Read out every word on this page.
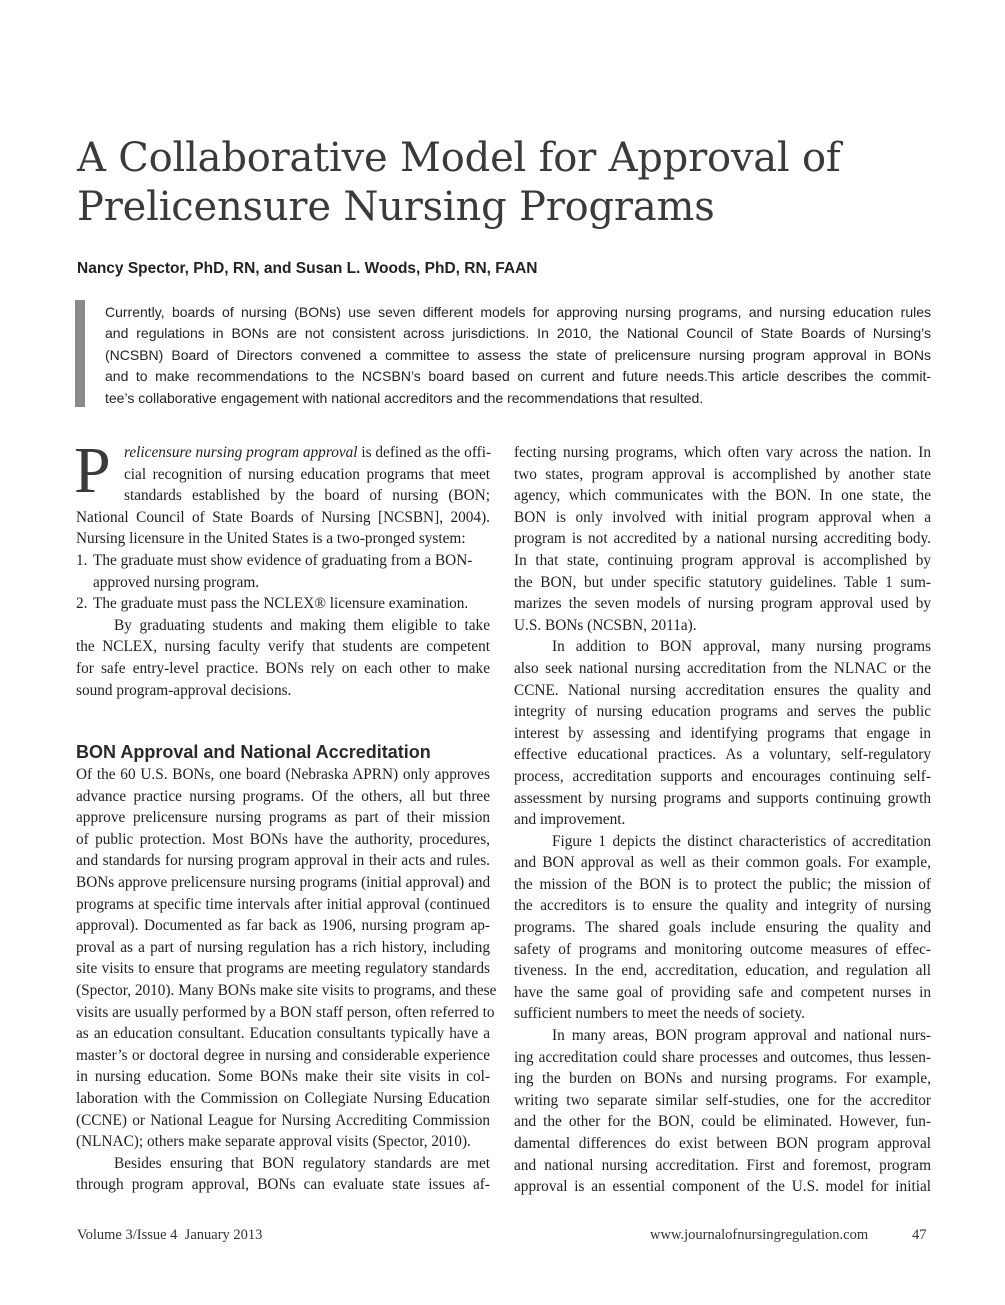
A Collaborative Model for Approval of
Prelicensure Nursing Programs
Nancy Spector, PhD, RN, and Susan L. Woods, PhD, RN, FAAN
Currently, boards of nursing (BONs) use seven different models for approving nursing programs, and nursing education rules
and regulations in BONs are not consistent across jurisdictions. In 2010, the National Council of State Boards of Nursing’s
(NCSBN) Board of Directors convened a committee to assess the state of prelicensure nursing program approval in BONs
and to make recommendations to the NCSBN’s board based on current and future needs.This article describes the commit-
tee’s collaborative engagement with national accreditors and the recommendations that resulted.
P relicensure nursing program approval is defined as the offi-
cial recognition of nursing education programs that meet
standards established by the board of nursing (BON;
National Council of State Boards of Nursing [NCSBN], 2004).
Nursing licensure in the United States is a two-pronged system:
1. The graduate must show evidence of graduating from a BON-
approved nursing program.
2. The graduate must pass the NCLEX® licensure examination.
By graduating students and making them eligible to take
the NCLEX, nursing faculty verify that students are competent
for safe entry-level practice. BONs rely on each other to make
sound program-approval decisions.
BON Approval and National Accreditation
Of the 60 U.S. BONs, one board (Nebraska APRN) only approves
advance practice nursing programs. Of the others, all but three
approve prelicensure nursing programs as part of their mission
of public protection. Most BONs have the authority, procedures,
and standards for nursing program approval in their acts and rules.
BONs approve prelicensure nursing programs (initial approval) and
programs at specific time intervals after initial approval (continued
approval). Documented as far back as 1906, nursing program ap-
proval as a part of nursing regulation has a rich history, including
site visits to ensure that programs are meeting regulatory standards
(Spector, 2010). Many BONs make site visits to programs, and these
visits are usually performed by a BON staff person, often referred to
as an education consultant. Education consultants typically have a
master’s or doctoral degree in nursing and considerable experience
in nursing education. Some BONs make their site visits in col-
laboration with the Commission on Collegiate Nursing Education
(CCNE) or National League for Nursing Accrediting Commission
(NLNAC); others make separate approval visits (Spector, 2010).
Besides ensuring that BON regulatory standards are met
through program approval, BONs can evaluate state issues af-
fecting nursing programs, which often vary across the nation. In
two states, program approval is accomplished by another state
agency, which communicates with the BON. In one state, the
BON is only involved with initial program approval when a
program is not accredited by a national nursing accrediting body.
In that state, continuing program approval is accomplished by
the BON, but under specific statutory guidelines. Table 1 sum-
marizes the seven models of nursing program approval used by
U.S. BONs (NCSBN, 2011a).
In addition to BON approval, many nursing programs
also seek national nursing accreditation from the NLNAC or the
CCNE. National nursing accreditation ensures the quality and
integrity of nursing education programs and serves the public
interest by assessing and identifying programs that engage in
effective educational practices. As a voluntary, self-regulatory
process, accreditation supports and encourages continuing self-
assessment by nursing programs and supports continuing growth
and improvement.
Figure 1 depicts the distinct characteristics of accreditation
and BON approval as well as their common goals. For example,
the mission of the BON is to protect the public; the mission of
the accreditors is to ensure the quality and integrity of nursing
programs. The shared goals include ensuring the quality and
safety of programs and monitoring outcome measures of effec-
tiveness. In the end, accreditation, education, and regulation all
have the same goal of providing safe and competent nurses in
sufficient numbers to meet the needs of society.
In many areas, BON program approval and national nurs-
ing accreditation could share processes and outcomes, thus lessen-
ing the burden on BONs and nursing programs. For example,
writing two separate similar self-studies, one for the accreditor
and the other for the BON, could be eliminated. However, fun-
damental differences do exist between BON program approval
and national nursing accreditation. First and foremost, program
approval is an essential component of the U.S. model for initial
Volume 3/Issue 4  January 2013	www.journalofnursingregulation.com	47
